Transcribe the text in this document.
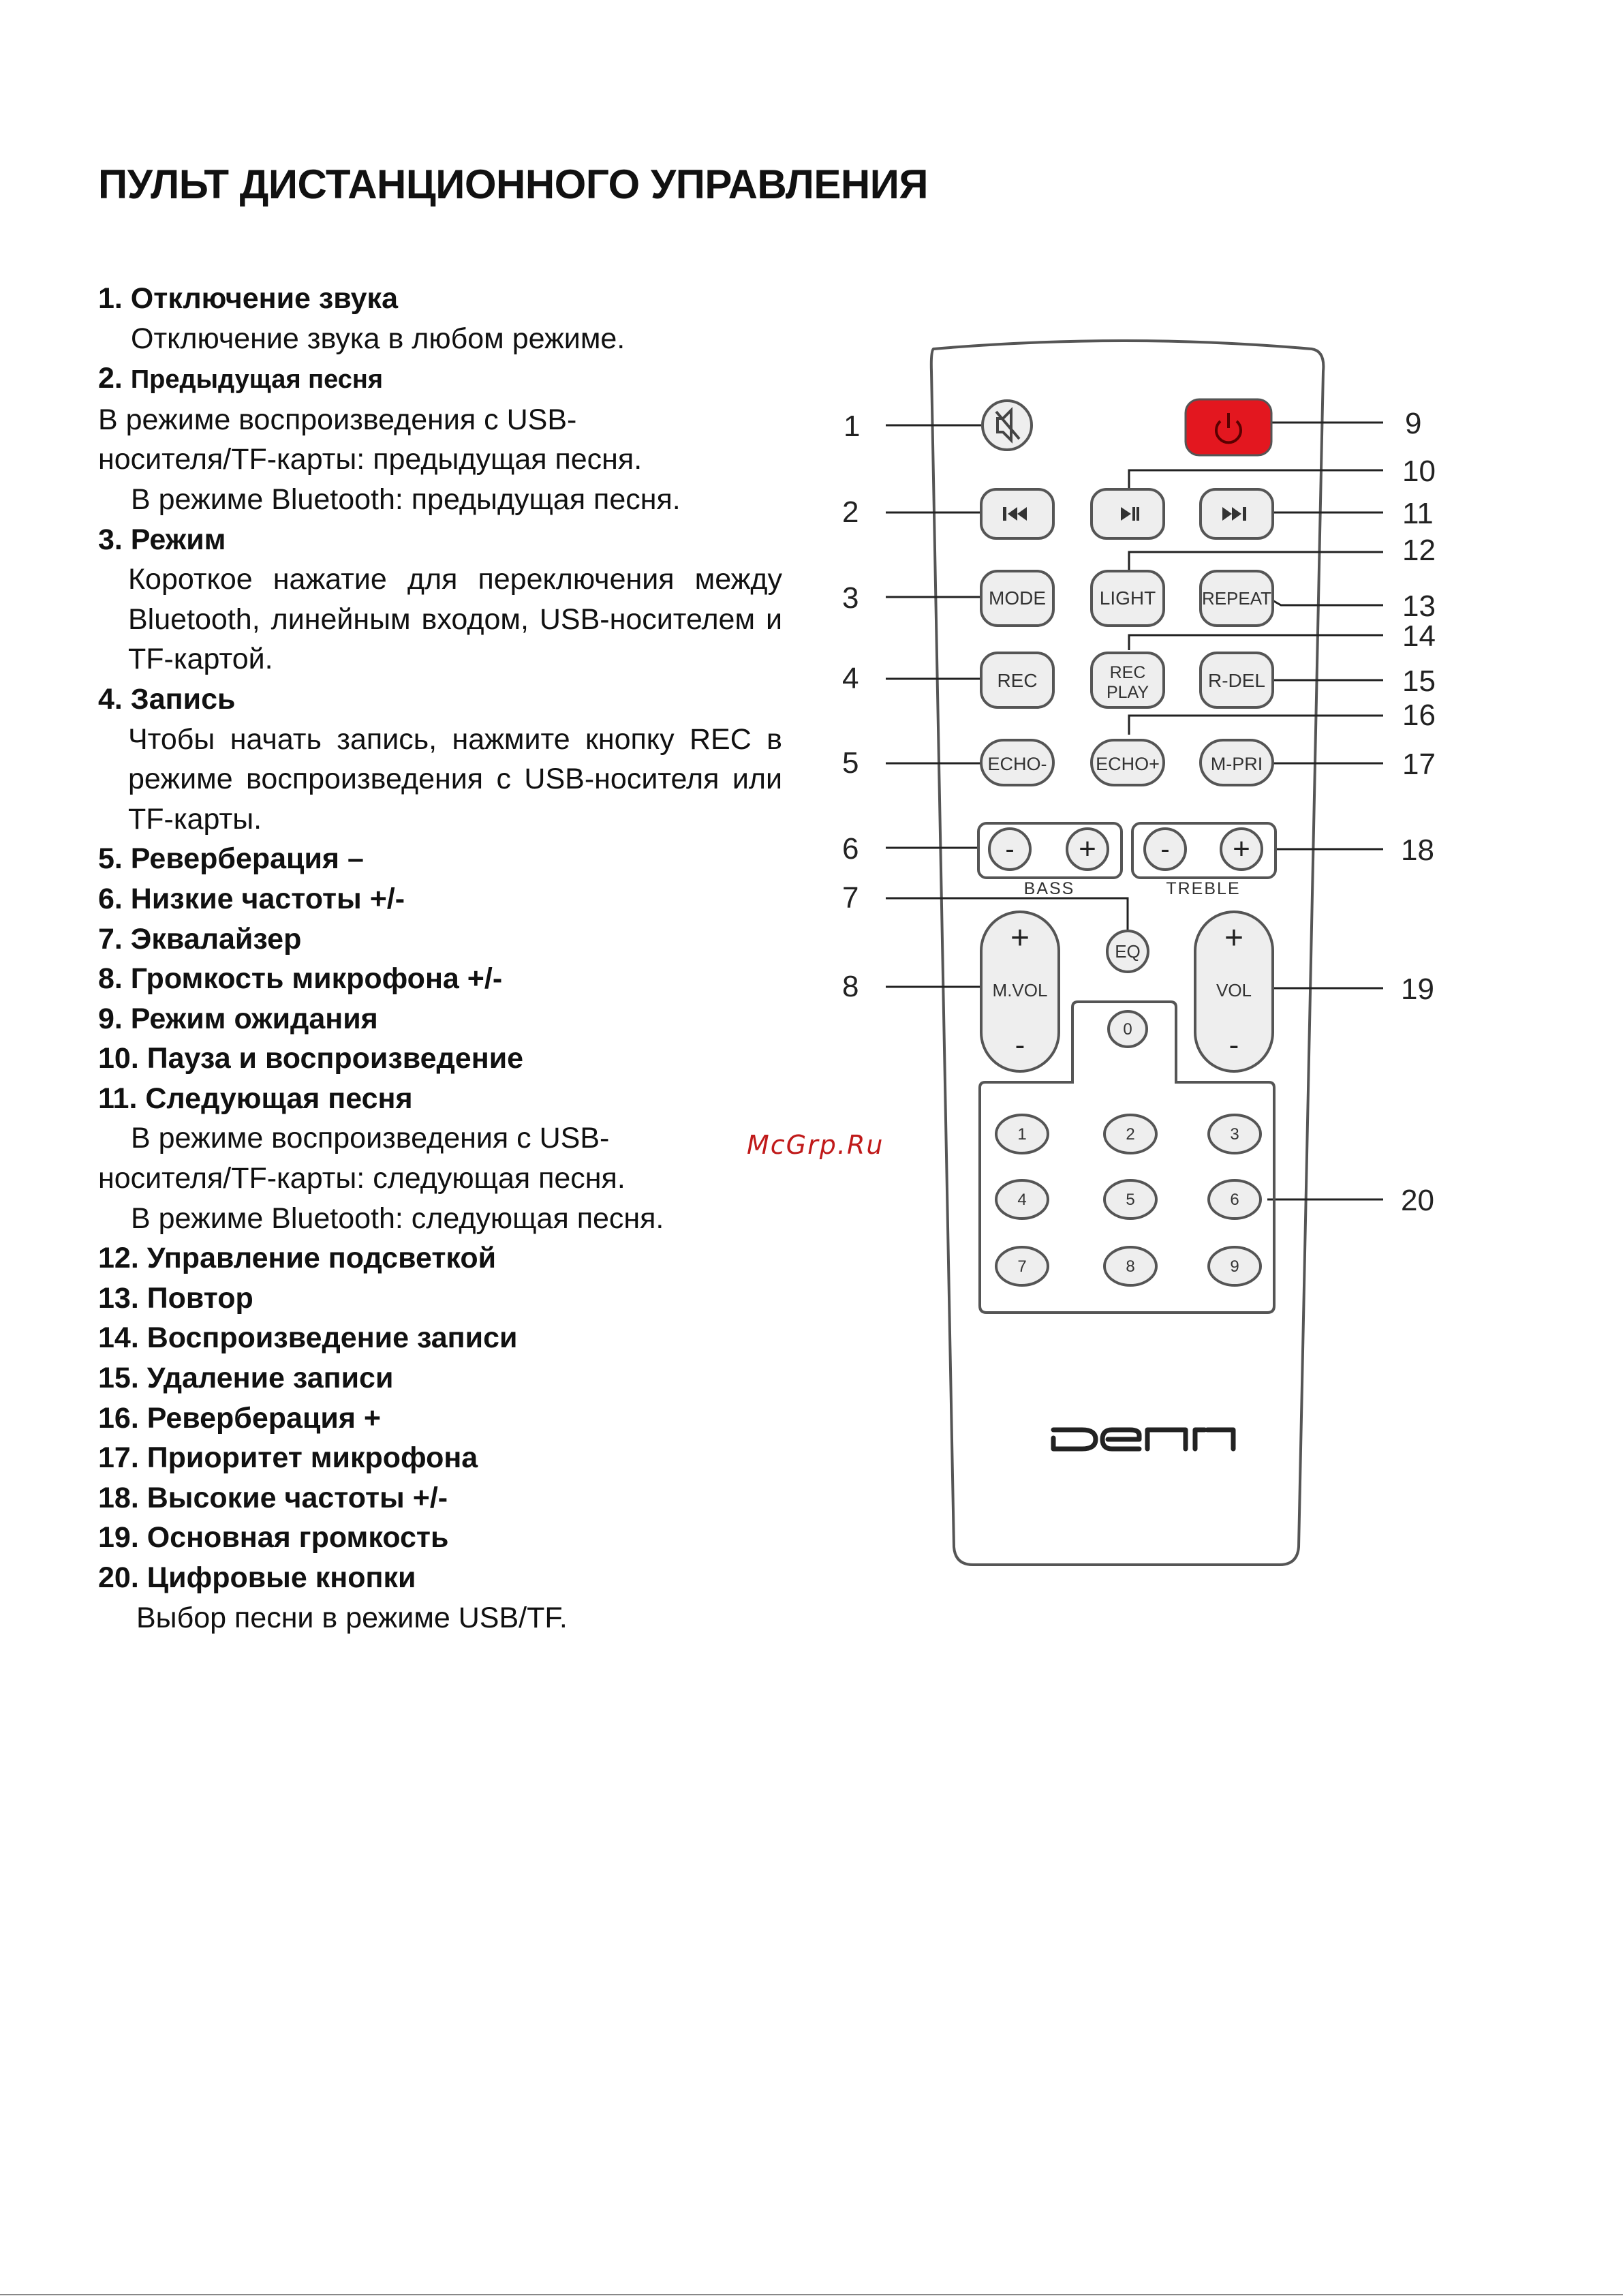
ПУЛЬТ ДИСТАНЦИОННОГО УПРАВЛЕНИЯ
1. Отключение звука
Отключение звука в любом режиме.
2. Предыдущая песня
В режиме воспроизведения с USB-
носителя/TF-карты: предыдущая песня.
В режиме Bluetooth: предыдущая песня.
3. Режим
Короткое нажатие для переключения между Bluetooth, линейным входом, USB-носителем и TF-картой.
4. Запись
Чтобы начать запись, нажмите кнопку REC в режиме воспроизведения с USB-носителя или TF-карты.
5. Реверберация –
6. Низкие частоты +/-
7. Эквалайзер
8. Громкость микрофона +/-
9. Режим ожидания
10. Пауза и воспроизведение
11. Следующая песня
В режиме воспроизведения с USB-
носителя/TF-карты: следующая песня.
В режиме Bluetooth: следующая песня.
12. Управление подсветкой
13. Повтор
14. Воспроизведение записи
15. Удаление записи
16. Реверберация +
17. Приоритет микрофона
18. Высокие частоты +/-
19. Основная громкость
20. Цифровые кнопки
Выбор песни в режиме USB/TF.
McGrp.Ru
1
2
3
4
5
6
7
8
9
10
11
12
13
14
15
16
17
18
19
20
MODE	LIGHT	REPEAT
REC	REC
PLAY
R-DEL
ECHO-	ECHO+	M-PRI
- +
BASS
- +
TREBLE
+
M.VOL
-
EQ	+
VOL
-
0
1	2	3
4	5	6
7	8	9
